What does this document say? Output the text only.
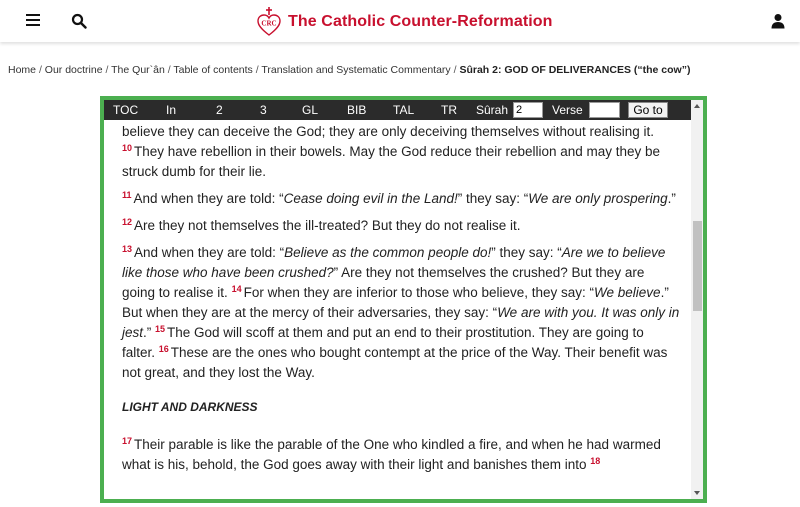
CRC The Catholic Counter-Reformation
Home / Our doctrine / The Qur`ân / Table of contents / Translation and Systematic Commentary / Sûrah 2: GOD OF DELIVERANCES (“the cow”)
TOC In	2	3	GL BIB TAL TR Sûrah
2	Verse	Go to

believe they can deceive the God; they are only deceiving themselves without realising it. $^{10}$ They have rebellion in their bowels. May the God reduce their rebellion and may they be struck dumb for their lie.

$^{11}$ And when they are told: “Cease doing evil in the Land!” they say: “We are only prospering.”

$^{12}$ Are they not themselves the ill-treated? But they do not realise it.

$^{13}$ And when they are told: “Believe as the common people do!” they say: “Are we to believe like those who have been crushed?” Are they not themselves the crushed? But they are going to realise it. $^{14}$ For when they are inferior to those who believe, they say: “We believe.” But when they are at the mercy of their adversaries, they say: “We are with you. It was only in jest.” $^{15}$ The God will scoff at them and put an end to their prostitution. They are going to falter. $^{16}$ These are the ones who bought contempt at the price of the Way. Their benefit was not great, and they lost the Way.

LIGHT AND DARKNESS

$^{17}$ Their parable is like the parable of the One who kindled a fire, and when he had warmed what is his, behold, the God goes away with their light and banishes them into $^{18}$
